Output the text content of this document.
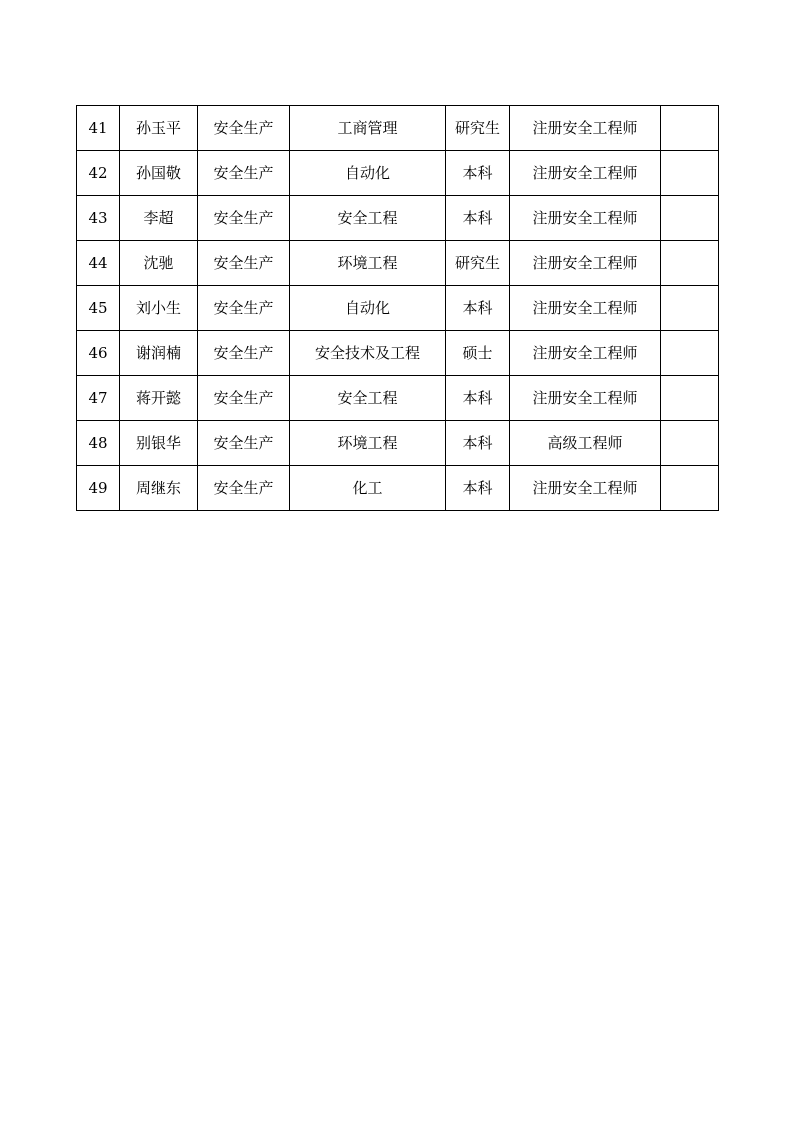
41	孙玉平	安全生产	工商管理	研究生	注册安全工程师	
42	孙国敬	安全生产	自动化	本科	注册安全工程师	
43	李超	安全生产	安全工程	本科	注册安全工程师	
44	沈驰	安全生产	环境工程	研究生	注册安全工程师	
45	刘小生	安全生产	自动化	本科	注册安全工程师	
46	谢润楠	安全生产	安全技术及工程	硕士	注册安全工程师	
47	蒋开懿	安全生产	安全工程	本科	注册安全工程师	
48	别银华	安全生产	环境工程	本科	高级工程师	
49	周继东	安全生产	化工	本科	注册安全工程师	
